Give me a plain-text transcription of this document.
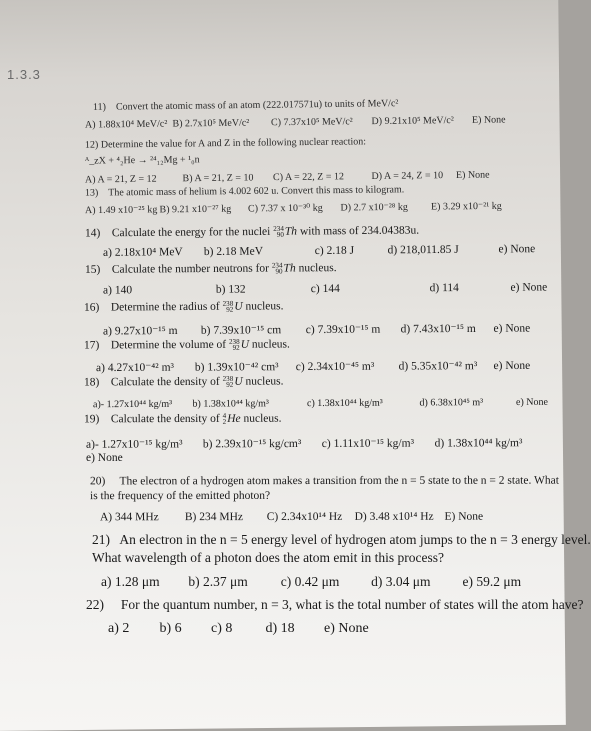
1.3.3
11) Convert the atomic mass of an atom (222.017571u) to units of MeV/c²
A) 1.88x10⁴ MeV/c² B) 2.7x10⁵ MeV/c² C) 7.37x10⁵ MeV/c² D) 9.21x10⁵ MeV/c² E) None
12) Determine the value for A and Z in the following nuclear reaction:
ᴬ_ᴢX + ⁴₂He → ²⁴₁₂Mg + ¹₀n
A) A = 21, Z = 12	B) A = 21, Z = 10 C) A = 22, Z = 12	D) A = 24, Z = 10 E) None
13) The atomic mass of helium is 4.002 602 u. Convert this mass to kilogram.
A) 1.49 x10⁻²⁵ kg B) 9.21 x10⁻²⁷ kg C) 7.37 x 10⁻³⁰ kg D) 2.7 x10⁻²⁸ kg E) 3.29 x10⁻²¹ kg
14) Calculate the energy for the nuclei 234
90 Th with mass of 234.04383u.
a) 2.18x10⁴ MeV b) 2.18 MeV	c) 2.18 J	d) 218,011.85 J	e) None
15) Calculate the number neutrons for 234
90 Th nucleus.
a) 140	b) 132	c) 144	d) 114	e) None
16) Determine the radius of 238
92 U nucleus.
a) 9.27x10⁻¹⁵ m b) 7.39x10⁻¹⁵ cm c) 7.39x10⁻¹⁵ m d) 7.43x10⁻¹⁵ m e) None
17) Determine the volume of 238
92 U nucleus.
a) 4.27x10⁻⁴² m³ b) 1.39x10⁻⁴² cm³ c) 2.34x10⁻⁴⁵ m³ d) 5.35x10⁻⁴² m³ e) None
18) Calculate the density of 238
92 U nucleus.
a)- 1.27x10⁴⁴ kg/m³ b) 1.38x10⁴⁴ kg/m³	c) 1.38x10⁴⁴ kg/m³	d) 6.38x10⁴⁵ m³	e) None
19) Calculate the density of 4
2 He nucleus.
a)- 1.27x10⁻¹⁵ kg/m³ b) 2.39x10⁻¹⁵ kg/cm³ c) 1.11x10⁻¹⁵ kg/m³ d) 1.38x10⁴⁴ kg/m³
e) None
20) The electron of a hydrogen atom makes a transition from the n = 5 state to the n = 2 state. What
is the frequency of the emitted photon?
A) 344 MHz B) 234 MHz C) 2.34x10¹⁴ Hz D) 3.48 x10¹⁴ Hz E) None
21) An electron in the n = 5 energy level of hydrogen atom jumps to the n = 3 energy level.
What wavelength of a photon does the atom emit in this process?
a) 1.28 μm b) 2.37 μm c) 0.42 μm d) 3.04 μm e) 59.2 μm
22) For the quantum number, n = 3, what is the total number of states will the atom have?
a) 2 b) 6 c) 8 d) 18 e) None
